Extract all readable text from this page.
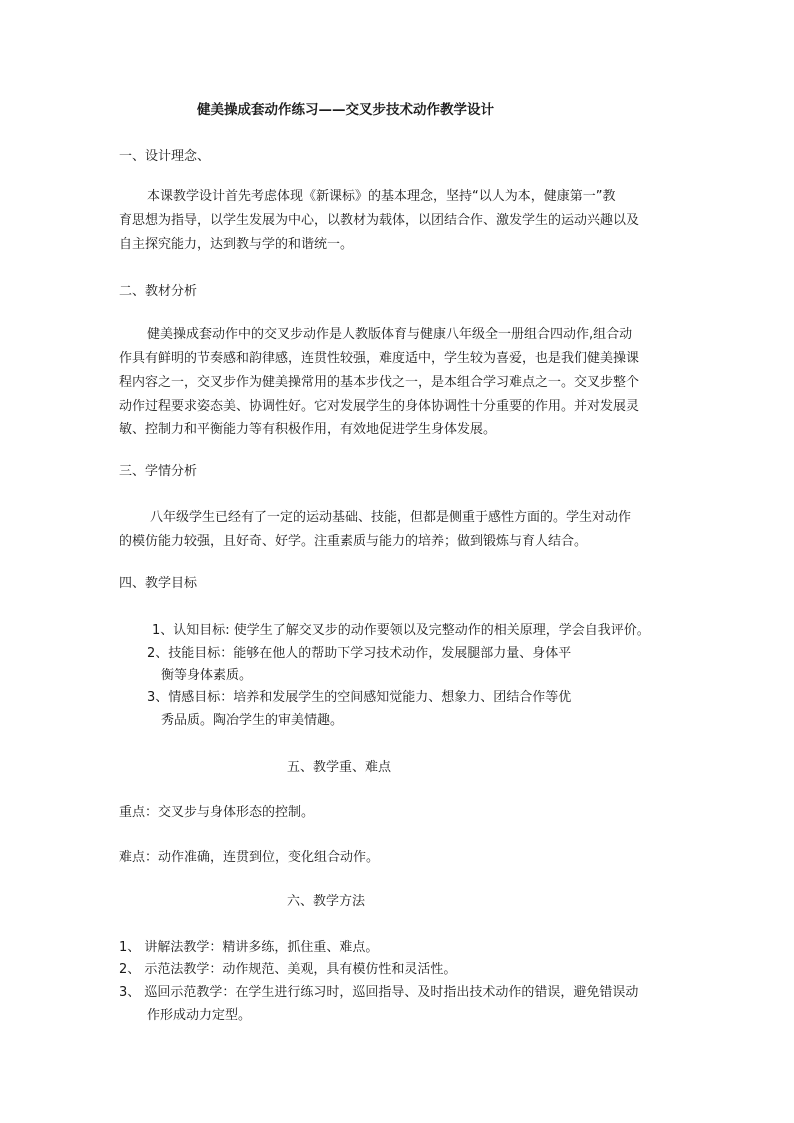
健美操成套动作练习——交叉步技术动作教学设计
一、设计理念、
本课教学设计首先考虑体现《新课标》的基本理念，坚持“以人为本，健康第一”教
育思想为指导，以学生发展为中心，以教材为载体，以团结合作、激发学生的运动兴趣以及
自主探究能力，达到教与学的和谐统一。
二、教材分析
健美操成套动作中的交叉步动作是人教版体育与健康八年级全一册组合四动作,组合动
作具有鲜明的节奏感和韵律感，连贯性较强，难度适中，学生较为喜爱，也是我们健美操课
程内容之一，交叉步作为健美操常用的基本步伐之一，是本组合学习难点之一。交叉步整个
动作过程要求姿态美、协调性好。它对发展学生的身体协调性十分重要的作用。并对发展灵
敏、控制力和平衡能力等有积极作用，有效地促进学生身体发展。
三、学情分析
八年级学生已经有了一定的运动基础、技能，但都是侧重于感性方面的。学生对动作
的模仿能力较强，且好奇、好学。注重素质与能力的培养；做到锻炼与育人结合。
四、教学目标
1、认知目标: 使学生了解交叉步的动作要领以及完整动作的相关原理，学会自我评价。
2、技能目标：能够在他人的帮助下学习技术动作，发展腿部力量、身体平
衡等身体素质。
3、情感目标：培养和发展学生的空间感知觉能力、想象力、团结合作等优
秀品质。陶冶学生的审美情趣。
五、教学重、难点
重点：交叉步与身体形态的控制。
难点：动作准确，连贯到位，变化组合动作。
六、教学方法
1、 讲解法教学：精讲多练，抓住重、难点。
2、 示范法教学：动作规范、美观，具有模仿性和灵活性。
3、 巡回示范教学：在学生进行练习时，巡回指导、及时指出技术动作的错误，避免错误动
作形成动力定型。
